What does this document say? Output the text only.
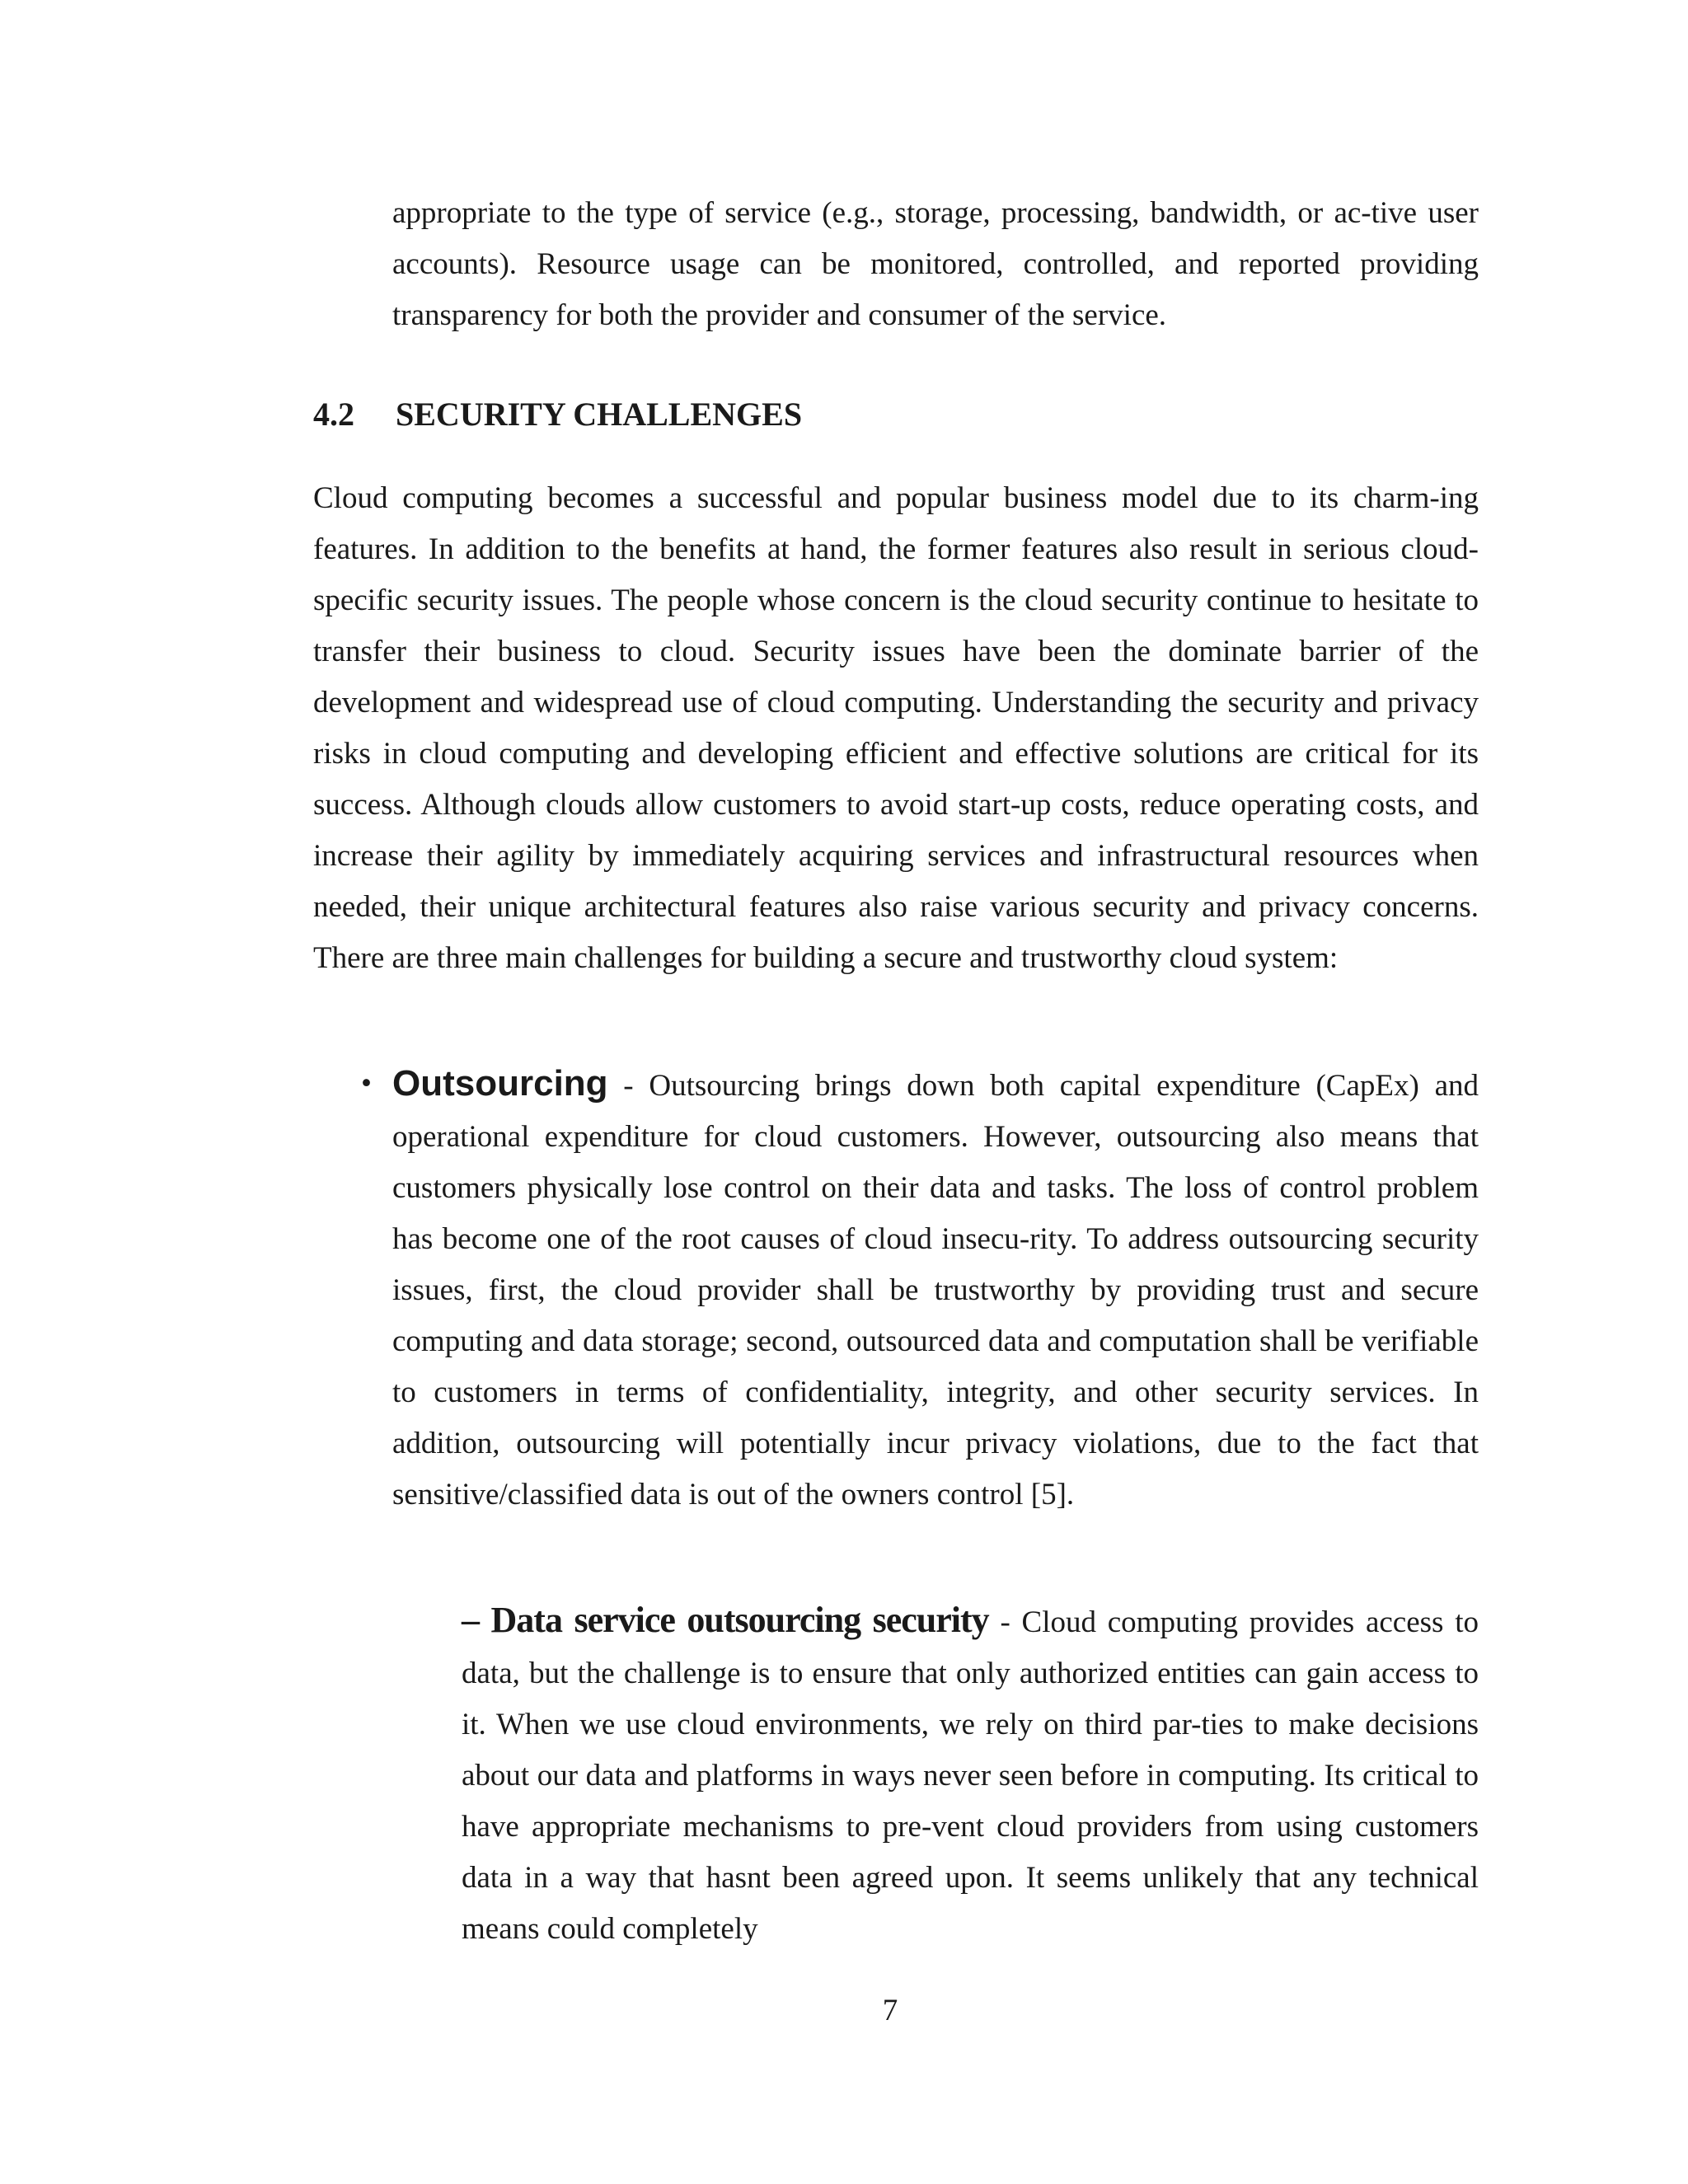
appropriate to the type of service (e.g., storage, processing, bandwidth, or ac-tive user accounts). Resource usage can be monitored, controlled, and reported providing transparency for both the provider and consumer of the service.

4.2 SECURITY CHALLENGES

Cloud computing becomes a successful and popular business model due to its charm-ing features. In addition to the benefits at hand, the former features also result in serious cloud-specific security issues. The people whose concern is the cloud security continue to hesitate to transfer their business to cloud. Security issues have been the dominate barrier of the development and widespread use of cloud computing. Understanding the security and privacy risks in cloud computing and developing efficient and effective solutions are critical for its success. Although clouds allow customers to avoid start-up costs, reduce operating costs, and increase their agility by immediately acquiring services and infrastructural resources when needed, their unique architectural features also raise various security and privacy concerns. There are three main challenges for building a secure and trustworthy cloud system:

• Outsourcing - Outsourcing brings down both capital expenditure (CapEx) and operational expenditure for cloud customers. However, outsourcing also means that customers physically lose control on their data and tasks. The loss of control problem has become one of the root causes of cloud insecu-rity. To address outsourcing security issues, first, the cloud provider shall be trustworthy by providing trust and secure computing and data storage; second, outsourced data and computation shall be verifiable to customers in terms of confidentiality, integrity, and other security services. In addition, outsourcing will potentially incur privacy violations, due to the fact that sensitive/classified data is out of the owners control [5].

– Data service outsourcing security - Cloud computing provides access to data, but the challenge is to ensure that only authorized entities can gain access to it. When we use cloud environments, we rely on third par-ties to make decisions about our data and platforms in ways never seen before in computing. Its critical to have appropriate mechanisms to pre-vent cloud providers from using customers data in a way that hasnt been agreed upon. It seems unlikely that any technical means could completely

7
